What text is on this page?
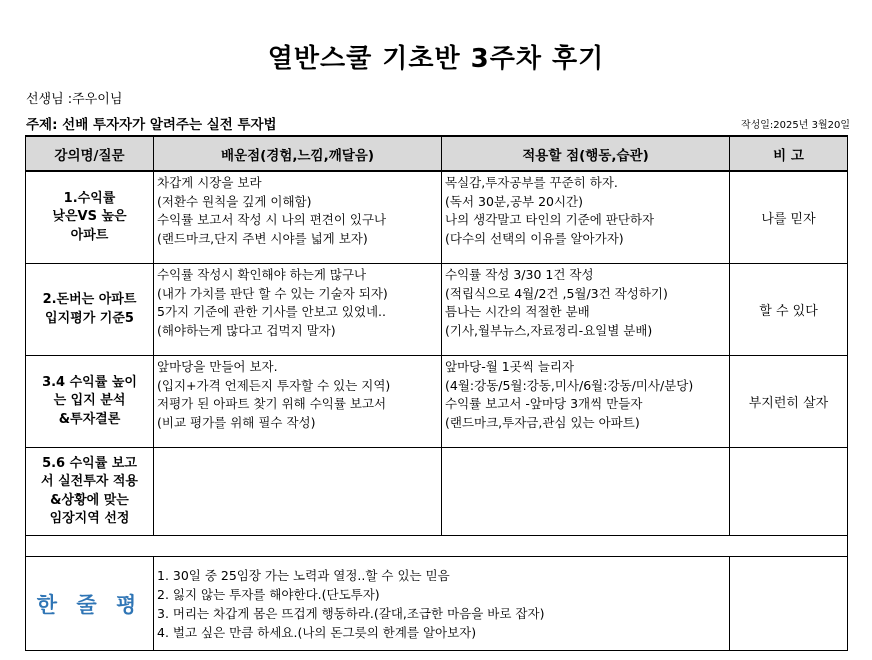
열반스쿨 기초반 3주차 후기
선생님 :주우이님
주제: 선배 투자자가 알려주는 실전 투자법	작성일:2025년 3월20일
강의명/질문	배운점(경험,느낌,깨달음)	적용할 점(행동,습관)	비 고

1.수익률
낮은VS 높은
아파트	차갑게 시장을 보라
(저환수 원칙을 깊게 이해함)
수익률 보고서 작성 시 나의 편견이 있구나
(랜드마크,단지 주변 시야를 넓게 보자)	목실감,투자공부를 꾸준히 하자.
(독서 30분,공부 20시간)
나의 생각말고 타인의 기준에 판단하자
(다수의 선택의 이유를 알아가자)	나를 믿자

2.돈버는 아파트
입지평가 기준5	수익률 작성시 확인해야 하는게 많구나
(내가 가치를 판단 할 수 있는 기술자 되자)
5가지 기준에 관한 기사를 안보고 있었네..
(해야하는게 많다고 겁먹지 말자)	수익률 작성 3/30 1건 작성
(적립식으로 4월/2건 ,5월/3건 작성하기)
틈나는 시간의 적절한 분배
(기사,월부뉴스,자료정리-요일별 분배)	할 수 있다

3.4 수익률 높이
는 입지 분석
&투자결론	앞마당을 만들어 보자.
(입지+가격 언제든지 투자할 수 있는 지역)
저평가 된 아파트 찾기 위해 수익률 보고서
(비교 평가를 위해 필수 작성)	앞마당-월 1곳씩 늘리자
(4월:강동/5월:강동,미사/6월:강동/미사/분당)
수익률 보고서 -앞마당 3개씩 만들자
(랜드마크,투자금,관심 있는 아파트)	부지런히 살자

5.6 수익률 보고
서 실전투자 적용
&상황에 맞는
임장지역 선정			

한 줄 평	1. 30일 중 25임장 가는 노력과 열정..할 수 있는 믿음
2. 잃지 않는 투자를 해야한다.(단도투자)
3. 머리는 차갑게 몸은 뜨겁게 행동하라.(갈대,조급한 마음을 바로 잡자)
4. 벌고 싶은 만큼 하세요.(나의 돈그릇의 한계를 알아보자)		
